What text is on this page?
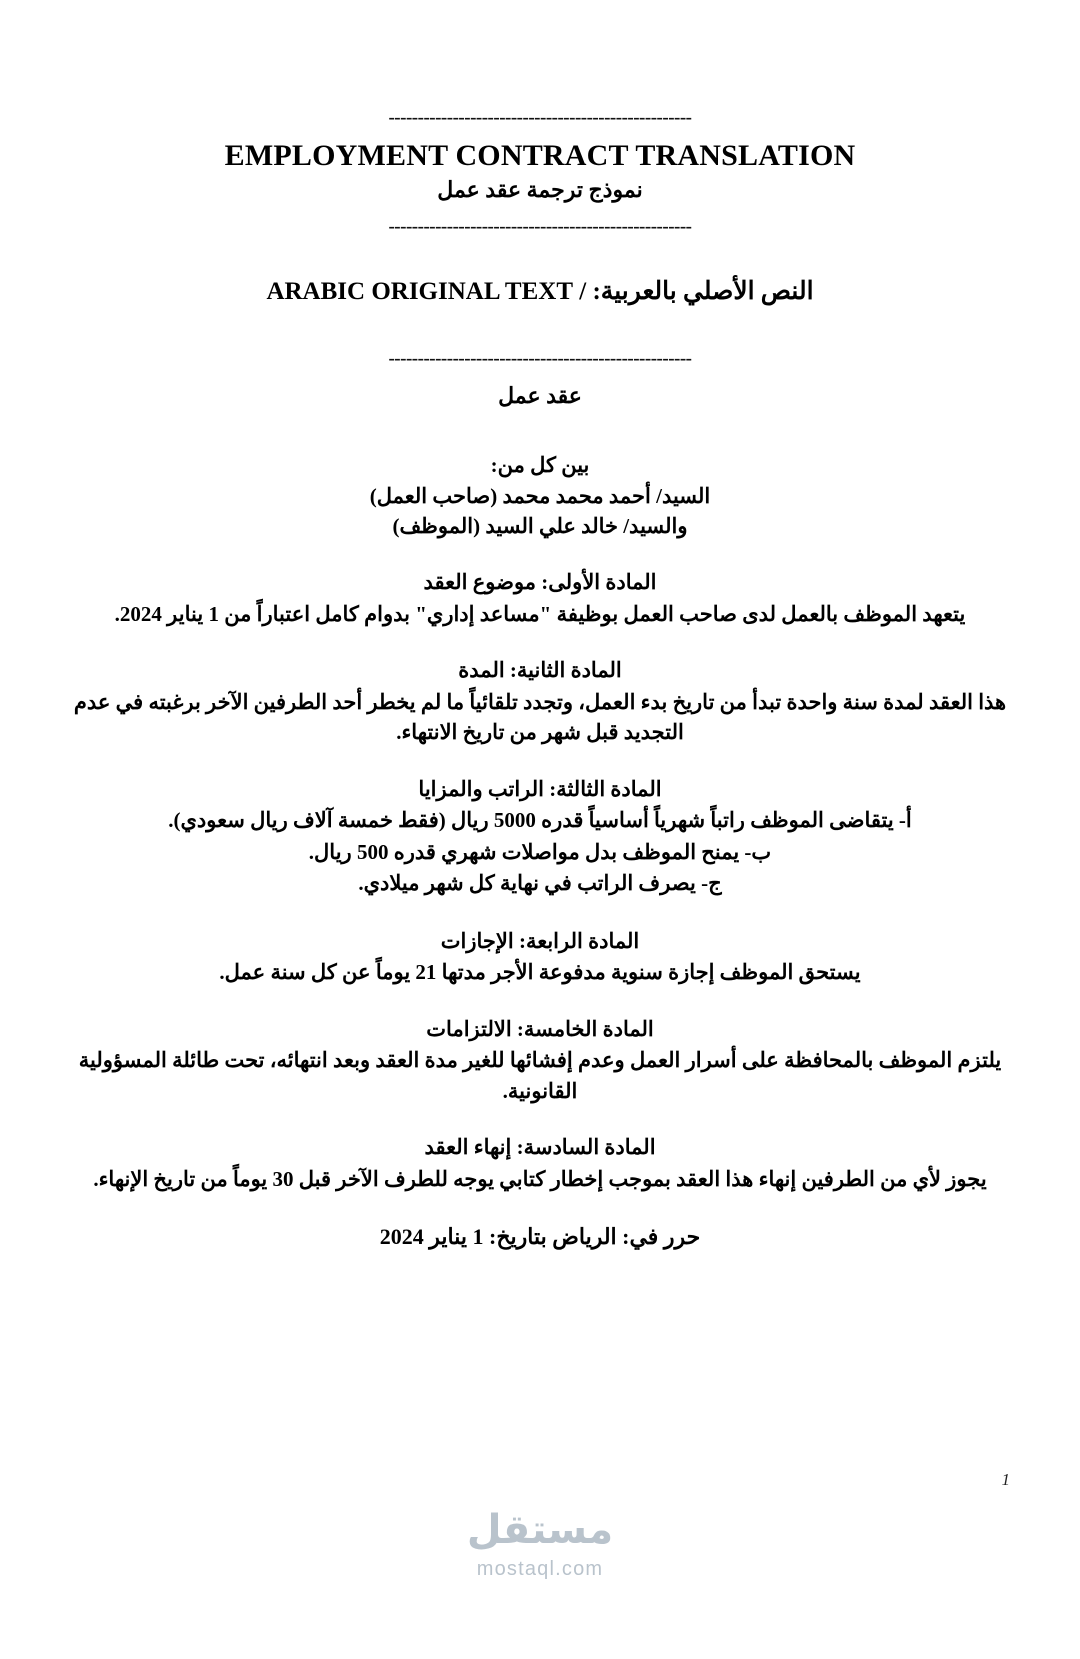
----------------------------------------------------
EMPLOYMENT CONTRACT TRANSLATION
نموذج ترجمة عقد عمل
----------------------------------------------------
النص الأصلي بالعربية: / ARABIC ORIGINAL TEXT
----------------------------------------------------
عقد عمل
بين كل من:
السيد/ أحمد محمد محمد (صاحب العمل)
والسيد/ خالد علي السيد (الموظف)
المادة الأولى: موضوع العقد
يتعهد الموظف بالعمل لدى صاحب العمل بوظيفة "مساعد إداري" بدوام كامل اعتباراً من 1 يناير 2024.
المادة الثانية: المدة
هذا العقد لمدة سنة واحدة تبدأ من تاريخ بدء العمل، وتجدد تلقائياً ما لم يخطر أحد الطرفين الآخر برغبته في عدم التجديد قبل شهر من تاريخ الانتهاء.
المادة الثالثة: الراتب والمزايا
أ- يتقاضى الموظف راتباً شهرياً أساسياً قدره 5000 ريال (فقط خمسة آلاف ريال سعودي).
ب- يمنح الموظف بدل مواصلات شهري قدره 500 ريال.
ج- يصرف الراتب في نهاية كل شهر ميلادي.
المادة الرابعة: الإجازات
يستحق الموظف إجازة سنوية مدفوعة الأجر مدتها 21 يوماً عن كل سنة عمل.
المادة الخامسة: الالتزامات
يلتزم الموظف بالمحافظة على أسرار العمل وعدم إفشائها للغير مدة العقد وبعد انتهائه، تحت طائلة المسؤولية القانونية.
المادة السادسة: إنهاء العقد
يجوز لأي من الطرفين إنهاء هذا العقد بموجب إخطار كتابي يوجه للطرف الآخر قبل 30 يوماً من تاريخ الإنهاء.
حرر في: الرياض بتاريخ: 1 يناير 2024
1
مستقل
mostaql.com
